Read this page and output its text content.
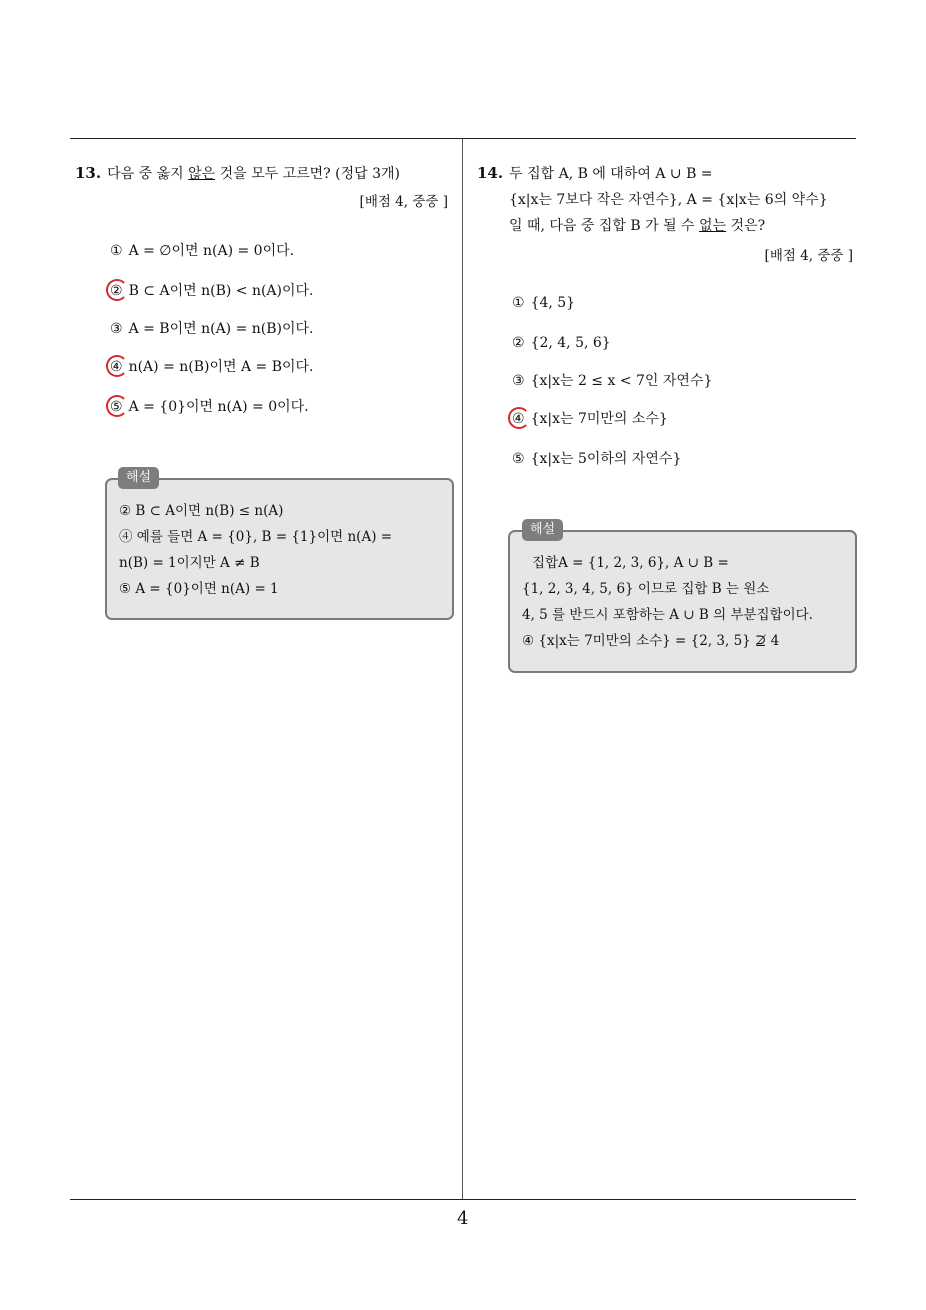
13. 다음 중 옳지 않은 것을 모두 고르면? (정답 3개)
[배점 4, 중중 ]
① A = ∅이면 n(A) = 0이다.
② B ⊂ A이면 n(B) < n(A)이다.
③ A = B이면 n(A) = n(B)이다.
④ n(A) = n(B)이면 A = B이다.
⑤ A = {0}이면 n(A) = 0이다.
② B ⊂ A이면 n(B) ≤ n(A)
④ 예를 들면 A = {0}, B = {1}이면 n(A) =
n(B) = 1이지만 A ≠ B
⑤ A = {0}이면 n(A) = 1
해설
14. 두 집합 A, B 에 대하여 A ∪ B =
{x|x는 7보다 작은 자연수}, A = {x|x는 6의 약수}
일 때, 다음 중 집합 B 가 될 수 없는 것은?
[배점 4, 중중 ]
① {4, 5}
② {2, 4, 5, 6}
③ {x|x는 2 ≤ x < 7인 자연수}
④ {x|x는 7미만의 소수}
⑤ {x|x는 5이하의 자연수}
집합A = {1, 2, 3, 6}, A ∪ B =
{1, 2, 3, 4, 5, 6} 이므로 집합 B 는 원소
4, 5 를 반드시 포함하는 A ∪ B 의 부분집합이다.
④ {x|x는 7미만의 소수} = {2, 3, 5} ⊉ 4
해설
4
